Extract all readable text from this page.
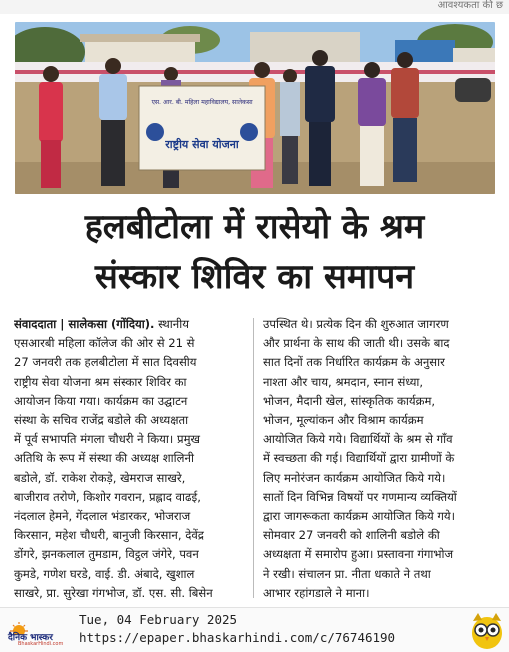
आवश्यकता की छ
एस. आर. बी. महिला महाविद्यालय, सालेकसा
राष्ट्रीय सेवा योजना
हलबीटोला में रासेयो के श्रम
संस्कार शिविर का समापन
संवाददाता | सालेकसा (गोंदिया). स्थानीय
एसआरबी महिला कॉलेज की ओर से 21 से
27 जनवरी तक हलबीटोला में सात दिवसीय
राष्ट्रीय सेवा योजना श्रम संस्कार शिविर का
आयोजन किया गया। कार्यक्रम का उद्घाटन
संस्था के सचिव राजेंद्र बडोले की अध्यक्षता
में पूर्व सभापति मंगला चौधरी ने किया। प्रमुख
अतिथि के रूप में संस्था की अध्यक्ष शालिनी
बडोले, डॉ. राकेश रोकड़े, खेमराज साखरे,
बाजीराव तरोणे, किशोर गवरान, प्रह्लाद वाढई,
नंदलाल हेमने, गेंदलाल भंडारकर, भोजराज
किरसान, महेश चौधरी, बानुजी किरसान, देवेंद्र
डोंगरे, झनकलाल तुमडाम, विट्ठल जंगेरे, पवन
कुमडे, गणेश घरडे, वाई. डी. अंबादे, खुशाल
साखरे, प्रा. सुरेखा गंगभोज, डॉ. एस. सी. बिसेन
उपस्थित थे। प्रत्येक दिन की शुरुआत जागरण
और प्रार्थना के साथ की जाती थी। उसके बाद
सात दिनों तक निर्धारित कार्यक्रम के अनुसार
नाश्ता और चाय, श्रमदान, स्नान संध्या,
भोजन, मैदानी खेल, सांस्कृतिक कार्यक्रम,
भोजन, मूल्यांकन और विश्राम कार्यक्रम
आयोजित किये गये। विद्यार्थियों के श्रम से गाँव
में स्वच्छता की गई। विद्यार्थियों द्वारा ग्रामीणों के
लिए मनोरंजन कार्यक्रम आयोजित किये गये।
सातों दिन विभिन्न विषयों पर गणमान्य व्यक्तियों
द्वारा जागरूकता कार्यक्रम आयोजित किये गये।
सोमवार 27 जनवरी को शालिनी बडोले की
अध्यक्षता में समारोप हुआ। प्रस्तावना गंगाभोज
ने रखी। संचालन प्रा. नीता धकाते ने तथा
आभार रहांगडाले ने माना।
दैनिक भास्कर
BhaskarHindi.com
Tue, 04 February 2025
https://epaper.bhaskarhindi.com/c/76746190
